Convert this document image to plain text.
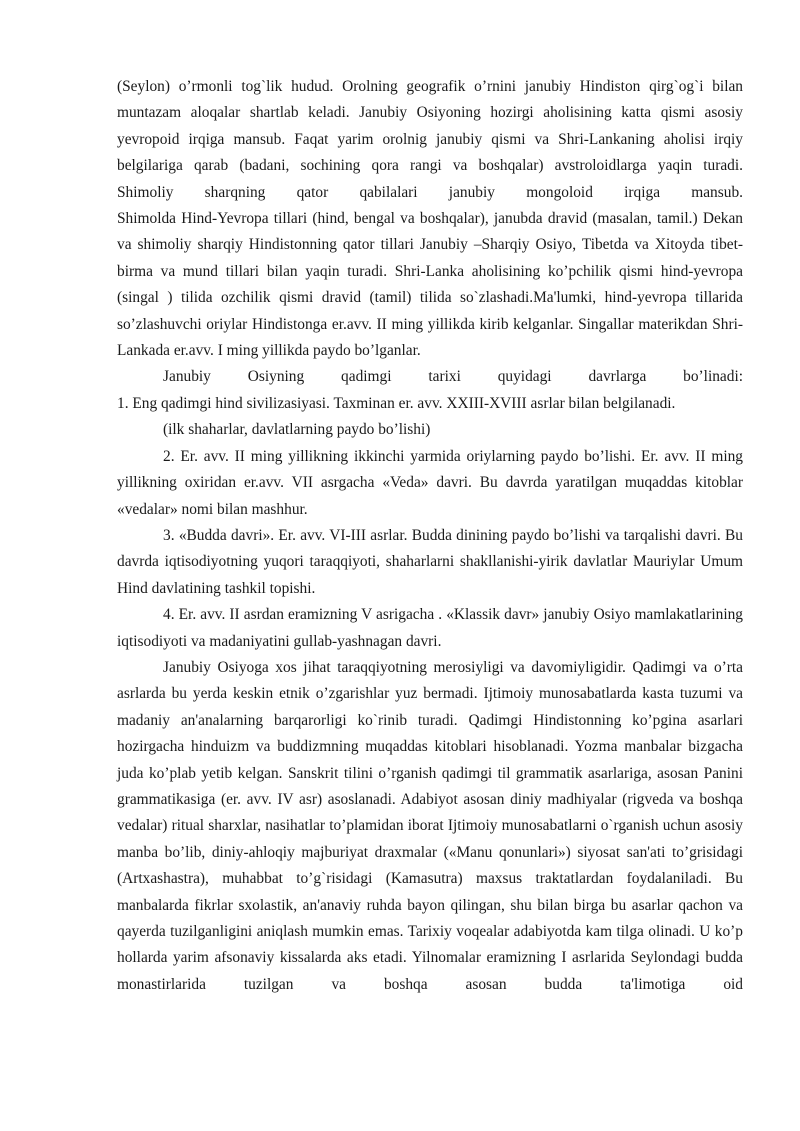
(Seylon) o’rmonli tog`lik hudud. Orolning geografik o’rnini janubiy Hindiston qirg`og`i bilan muntazam aloqalar shartlab keladi. Janubiy Osiyoning hozirgi aholisining katta qismi asosiy yevropoid irqiga mansub. Faqat yarim orolnig janubiy qismi va Shri-Lankaning aholisi irqiy belgilariga qarab (badani, sochining qora rangi va boshqalar) avstroloidlarga yaqin turadi.

Shimoliy sharqning qator qabilalari janubiy mongoloid irqiga mansub.

Shimolda Hind-Yevropa tillari (hind, bengal va boshqalar), janubda dravid (masalan, tamil.) Dekan va shimoliy sharqiy Hindistonning qator tillari Janubiy –Sharqiy Osiyo, Tibetda va Xitoyda tibet-birma va mund tillari bilan yaqin turadi. Shri-Lanka aholisining ko’pchilik qismi hind-yevropa (singal ) tilida ozchilik qismi dravid (tamil) tilida so`zlashadi.Ma'lumki, hind-yevropa tillarida so’zlashuvchi oriylar Hindistonga er.avv. II ming yillikda kirib kelganlar. Singallar materikdan Shri-Lankada er.avv. I ming yillikda paydo bo’lganlar.

Janubiy Osiyning qadimgi tarixi quyidagi davrlarga bo’linadi:

1. Eng qadimgi hind sivilizasiyasi. Taxminan er. avv. XXIII-XVIII asrlar bilan belgilanadi.

(ilk shaharlar, davlatlarning paydo bo’lishi)

2. Er. avv. II ming yillikning ikkinchi yarmida oriylarning paydo bo’lishi. Er. avv. II ming yillikning oxiridan er.avv. VII asrgacha «Veda» davri. Bu davrda yaratilgan muqaddas kitoblar «vedalar» nomi bilan mashhur.

3. «Budda davri». Er. avv. VI-III asrlar. Budda dinining paydo bo’lishi va tarqalishi davri. Bu davrda iqtisodiyotning yuqori taraqqiyoti, shaharlarni shakllanishi-yirik davlatlar Mauriylar Umum Hind davlatining tashkil topishi.

4. Er. avv. II asrdan eramizning V asrigacha . «Klassik davr» janubiy Osiyo mamlakatlarining iqtisodiyoti va madaniyatini gullab-yashnagan davri.

Janubiy Osiyoga xos jihat taraqqiyotning merosiyligi va davomiyligidir. Qadimgi va o’rta asrlarda bu yerda keskin etnik o’zgarishlar yuz bermadi. Ijtimoiy munosabatlarda kasta tuzumi va madaniy an'analarning barqarorligi ko`rinib turadi. Qadimgi Hindistonning ko’pgina asarlari hozirgacha hinduizm va buddizmning muqaddas kitoblari hisoblanadi. Yozma manbalar bizgacha juda ko’plab yetib kelgan. Sanskrit tilini o’rganish qadimgi til grammatik asarlariga, asosan Panini grammatikasiga (er. avv. IV asr) asoslanadi. Adabiyot asosan diniy madhiyalar (rigveda va boshqa vedalar) ritual sharxlar, nasihatlar to’plamidan iborat Ijtimoiy munosabatlarni o`rganish uchun asosiy manba bo’lib, diniy-ahloqiy majburiyat draxmalar («Manu qonunlari») siyosat san'ati to’grisidagi (Artxashastra), muhabbat to’g`risidagi (Kamasutra) maxsus traktatlardan foydalaniladi. Bu manbalarda fikrlar sxolastik, an'anaviy ruhda bayon qilingan, shu bilan birga bu asarlar qachon va qayerda tuzilganligini aniqlash mumkin emas. Tarixiy voqealar adabiyotda kam tilga olinadi. U ko’p hollarda yarim afsonaviy kissalarda aks etadi. Yilnomalar eramizning I asrlarida Seylondagi budda monastirlarida tuzilgan va boshqa asosan budda ta'limotiga oid
